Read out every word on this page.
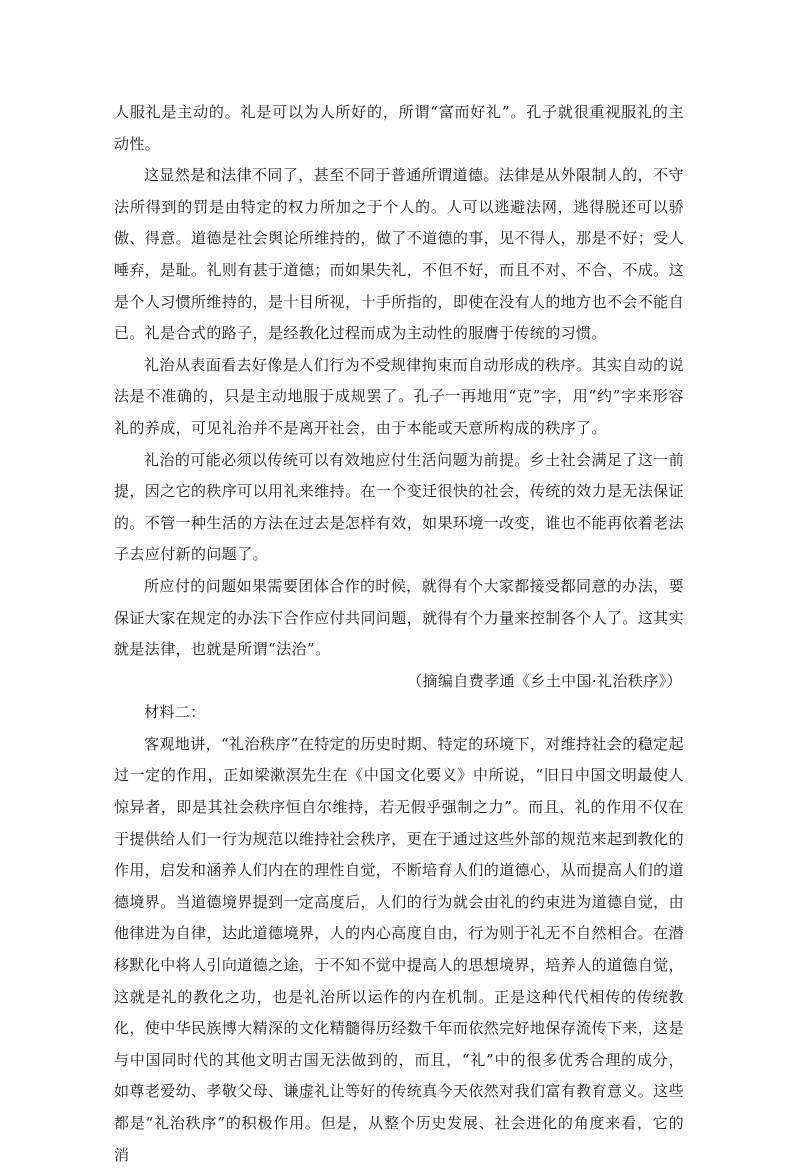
人服礼是主动的。礼是可以为人所好的，所谓“富而好礼”。孔子就很重视服礼的主动性。

这显然是和法律不同了，甚至不同于普通所谓道德。法律是从外限制人的，不守法所得到的罚是由特定的权力所加之于个人的。人可以逃避法网，逃得脱还可以骄傲、得意。道德是社会舆论所维持的，做了不道德的事，见不得人，那是不好；受人唾弃，是耻。礼则有甚于道德；而如果失礼，不但不好，而且不对、不合、不成。这是个人习惯所维持的，是十目所视，十手所指的，即使在没有人的地方也不会不能自已。礼是合式的路子，是经教化过程而成为主动性的服膺于传统的习惯。

礼治从表面看去好像是人们行为不受规律拘束而自动形成的秩序。其实自动的说法是不准确的，只是主动地服于成规罢了。孔子一再地用“克”字，用“约”字来形容礼的养成，可见礼治并不是离开社会，由于本能或天意所构成的秩序了。

礼治的可能必须以传统可以有效地应付生活问题为前提。乡土社会满足了这一前提，因之它的秩序可以用礼来维持。在一个变迁很快的社会，传统的效力是无法保证的。不管一种生活的方法在过去是怎样有效，如果环境一改变，谁也不能再依着老法子去应付新的问题了。

所应付的问题如果需要团体合作的时候，就得有个大家都接受都同意的办法，要保证大家在规定的办法下合作应付共同问题，就得有个力量来控制各个人了。这其实就是法律，也就是所谓“法治”。

（摘编自费孝通《乡土中国·礼治秩序》）

材料二：

客观地讲，“礼治秩序”在特定的历史时期、特定的环境下，对维持社会的稳定起过一定的作用，正如梁漱溟先生在《中国文化要义》中所说，“旧日中国文明最使人惊异者，即是其社会秩序恒自尔维持，若无假乎强制之力”。而且，礼的作用不仅在于提供给人们一行为规范以维持社会秩序，更在于通过这些外部的规范来起到教化的作用，启发和涵养人们内在的理性自觉，不断培育人们的道德心，从而提高人们的道德境界。当道德境界提到一定高度后，人们的行为就会由礼的约束进为道德自觉，由他律进为自律，达此道德境界，人的内心高度自由，行为则于礼无不自然相合。在潜移默化中将人引向道德之途，于不知不觉中提高人的思想境界，培养人的道德自觉，这就是礼的教化之功，也是礼治所以运作的内在机制。正是这种代代相传的传统教化，使中华民族博大精深的文化精髓得历经数千年而依然完好地保存流传下来，这是与中国同时代的其他文明古国无法做到的，而且，“礼”中的很多优秀合理的成分，如尊老爱幼、孝敬父母、谦虚礼让等好的传统真今天依然对我们富有教育意义。这些都是“礼治秩序”的积极作用。但是，从整个历史发展、社会进化的角度来看，它的消
